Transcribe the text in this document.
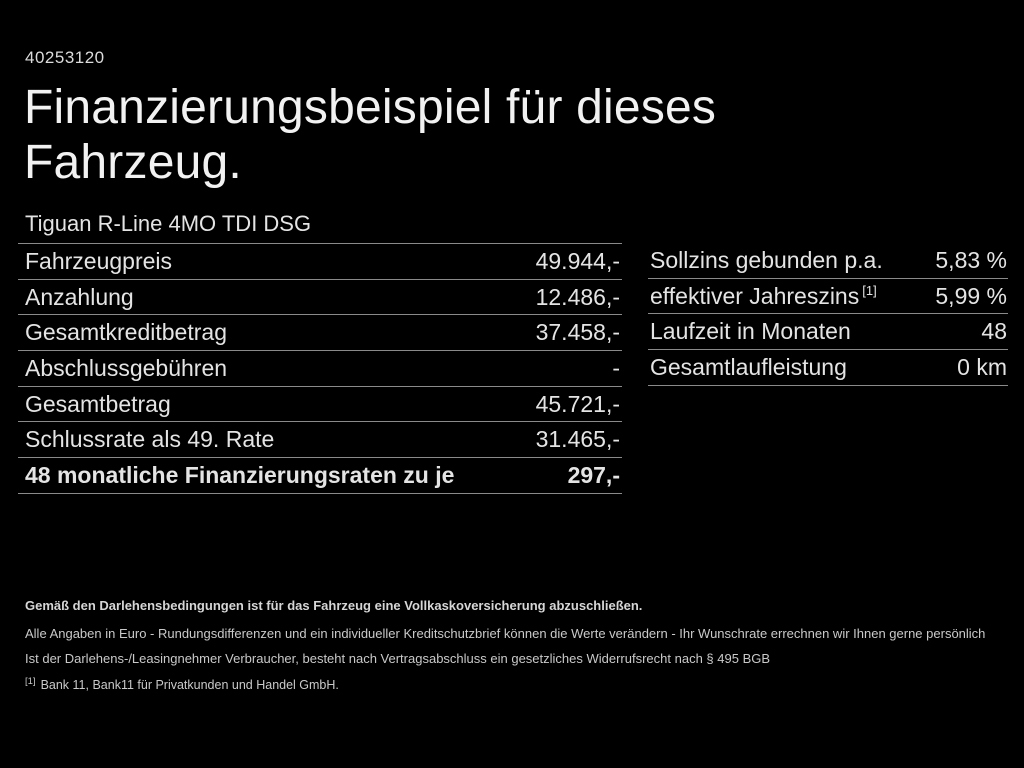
40253120
Finanzierungsbeispiel für dieses
Fahrzeug.
Tiguan R-Line 4MO TDI DSG
Fahrzeugpreis	49.944,-
Anzahlung	12.486,-
Gesamtkreditbetrag	37.458,-
Abschlussgebühren	-
Gesamtbetrag	45.721,-
Schlussrate als 49. Rate	31.465,-
48 monatliche Finanzierungsraten zu je	297,-
Sollzins gebunden p.a. 5,83 %
effektiver Jahreszins [1]	5,99 %
Laufzeit in Monaten	48
Gesamtlaufleistung	0 km
Gemäß den Darlehensbedingungen ist für das Fahrzeug eine Vollkaskoversicherung abzuschließen.
Alle Angaben in Euro - Rundungsdifferenzen und ein individueller Kreditschutzbrief können die Werte verändern - Ihr Wunschrate errechnen wir Ihnen gerne persönlich
Ist der Darlehens-/Leasingnehmer Verbraucher, besteht nach Vertragsabschluss ein gesetzliches Widerrufsrecht nach § 495 BGB
[1] Bank 11, Bank11 für Privatkunden und Handel GmbH.
